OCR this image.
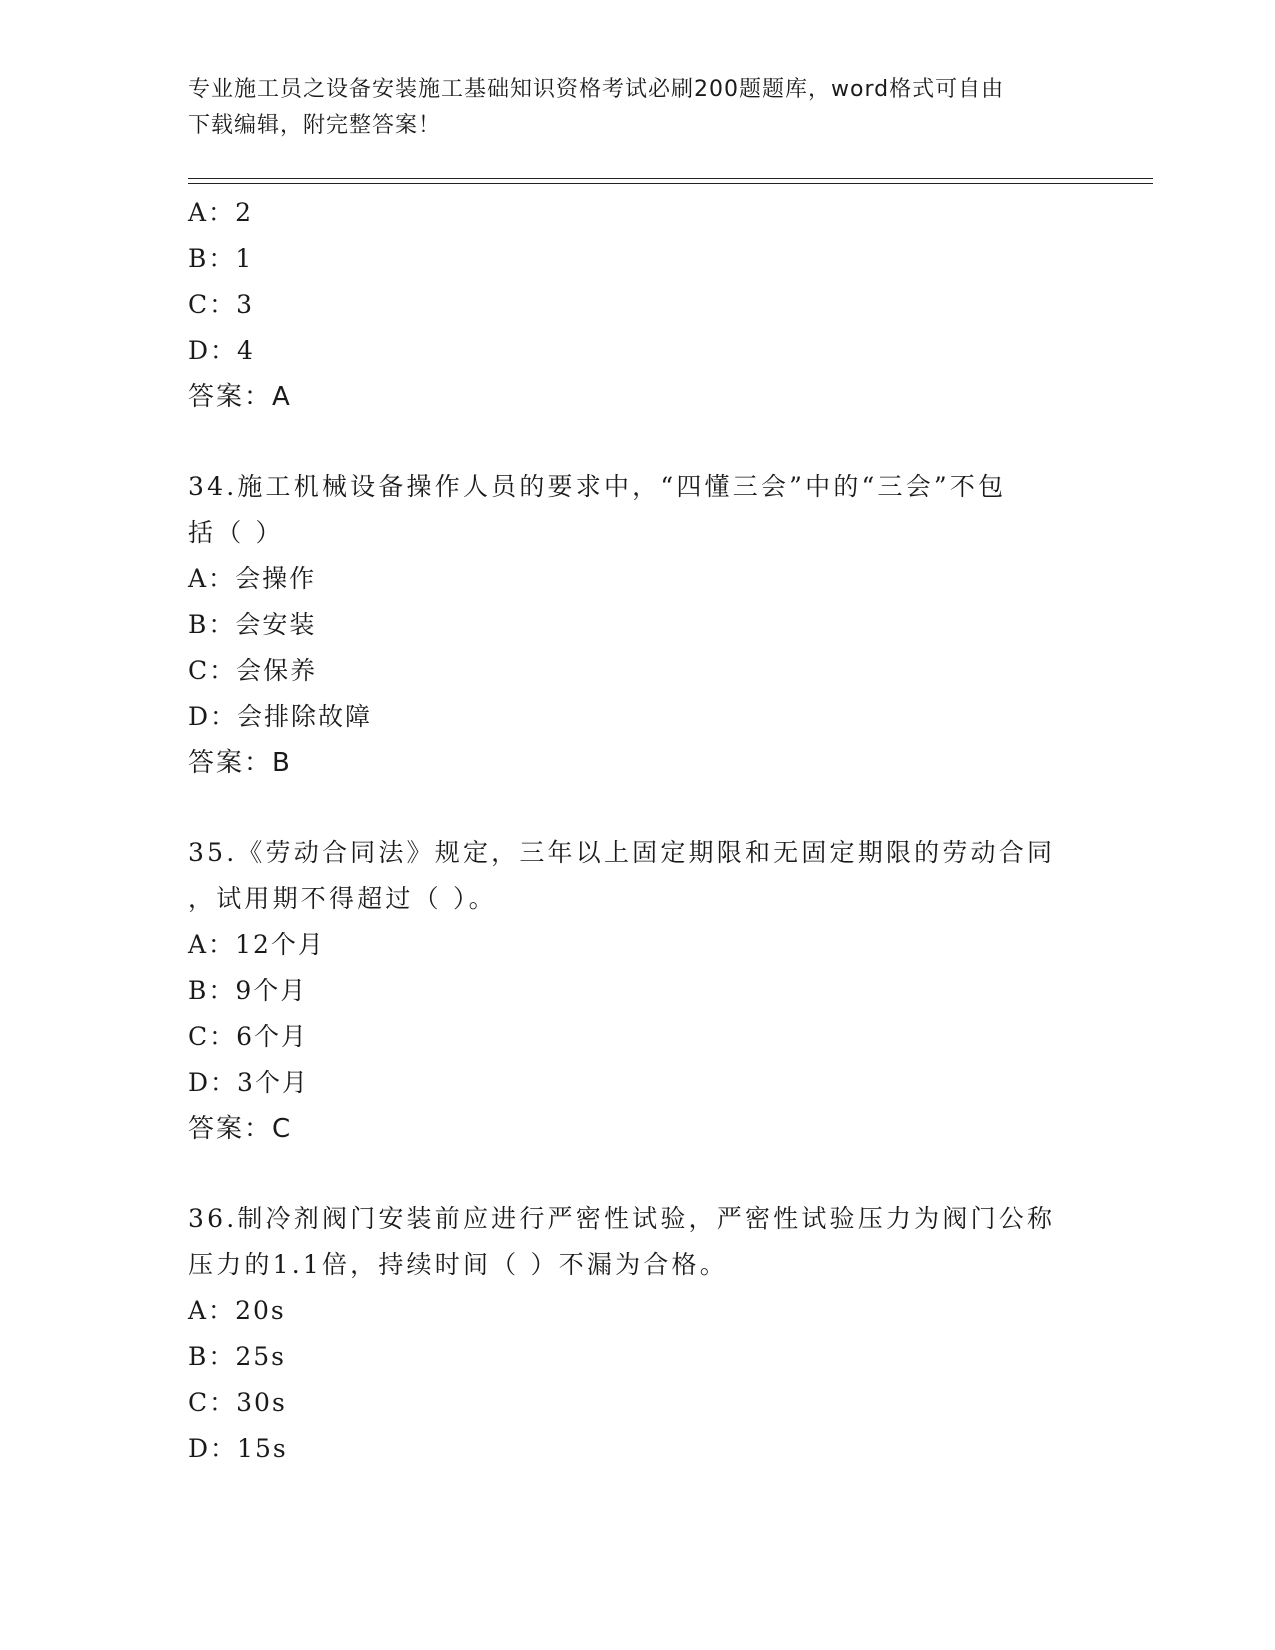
专业施工员之设备安装施工基础知识资格考试必刷200题题库，word格式可自由
下载编辑，附完整答案！
A：2
B：1
C：3
D：4
答案：A
34.施工机械设备操作人员的要求中，“四懂三会”中的“三会”不包
括（ ）
A：会操作
B：会安装
C：会保养
D：会排除故障
答案：B
35.《劳动合同法》规定，三年以上固定期限和无固定期限的劳动合同
，试用期不得超过（ ）。
A：12个月
B：9个月
C：6个月
D：3个月
答案：C
36.制冷剂阀门安装前应进行严密性试验，严密性试验压力为阀门公称
压力的1.1倍，持续时间（ ）不漏为合格。
A：20s
B：25s
C：30s
D：15s
